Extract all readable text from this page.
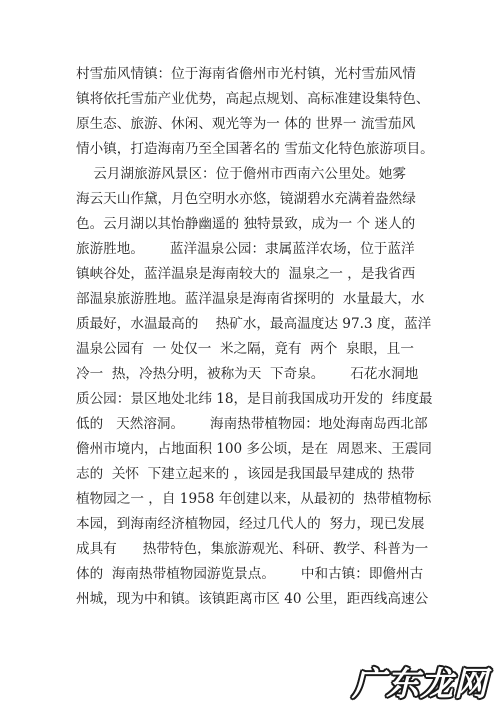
村雪茄风情镇：位于海南省儋州市光村镇，光村雪茄风情
镇将依托雪茄产业优势，高起点规划、高标准建设集特色、
原生态、旅游、休闲、观光等为一 体的 世界一 流雪茄风
情小镇，打造海南乃至全国著名的 雪茄文化特色旅游项目。
云月湖旅游风景区：位于儋州市西南六公里处。她雾
海云天山作黛，月色空明水亦悠，镜湖碧水充满着盎然绿
色。云月湖以其怡静幽遥的 独特景致，成为一 个 迷人的
旅游胜地。      蓝洋温泉公园：隶属蓝洋农场，位于蓝洋
镇峡谷处，蓝洋温泉是海南较大的  温泉之一 ，是我省西
部温泉旅游胜地。蓝洋温泉是海南省探明的  水量最大，水
质最好，水温最高的    热矿水，最高温度达 97.3 度，蓝洋
温泉公园有  一 处仅一  米之隔，竟有  两个  泉眼，且一
冷一  热，冷热分明，被称为天  下奇泉。      石花水洞地
质公园：景区地处北纬 18，是目前我国成功开发的  纬度最
低的   天然溶洞。      海南热带植物园：地处海南岛西北部
儋州市境内，占地面积 100 多公顷，是在  周恩来、王震同
志的  关怀  下建立起来的 ，该园是我国最早建成的 热带
植物园之一 ，自 1958 年创建以来，从最初的  热带植物标
本园，到海南经济植物园，经过几代人的  努力，现已发展
成具有      热带特色，集旅游观光、科研、教学、科普为一
体的  海南热带植物园游览景点。      中和古镇：即儋州古
州城，现为中和镇。该镇距离市区 40 公里，距西线高速公
广东龙网
